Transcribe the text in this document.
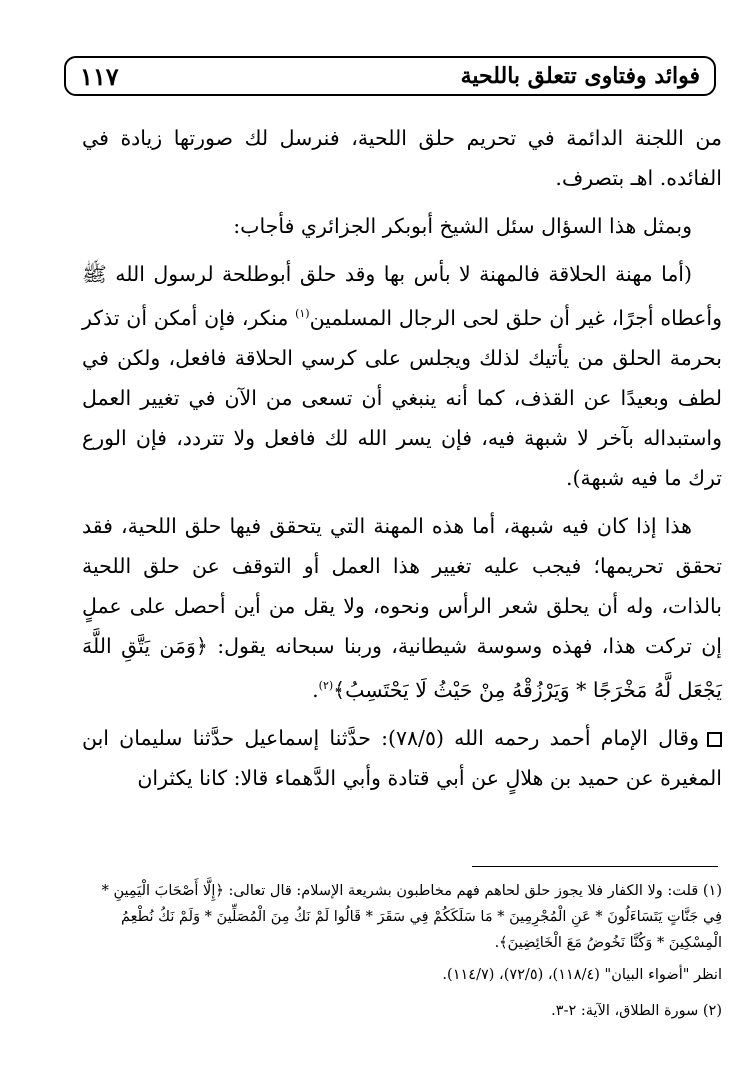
فوائد وفتاوى تتعلق باللحية
١١٧

من اللجنة الدائمة في تحريم حلق اللحية، فنرسل لك صورتها زيادة في الفائده. اهـ بتصرف.

وبمثل هذا السؤال سئل الشيخ أبوبكر الجزائري فأجاب:

(أما مهنة الحلاقة فالمهنة لا بأس بها وقد حلق أبوطلحة لرسول الله ﷺ وأعطاه أجرًا، غير أن حلق لحى الرجال المسلمين$^{(١)}$ منكر، فإن أمكن أن تذكر بحرمة الحلق من يأتيك لذلك ويجلس على كرسي الحلاقة فافعل، ولكن في لطف وبعيدًا عن القذف، كما أنه ينبغي أن تسعى من الآن في تغيير العمل واستبداله بآخر لا شبهة فيه، فإن يسر الله لك فافعل ولا تتردد، فإن الورع ترك ما فيه شبهة).

هذا إذا كان فيه شبهة، أما هذه المهنة التي يتحقق فيها حلق اللحية، فقد تحقق تحريمها؛ فيجب عليه تغيير هذا العمل أو التوقف عن حلق اللحية بالذات، وله أن يحلق شعر الرأس ونحوه، ولا يقل من أين أحصل على عملٍ إن تركت هذا، فهذه وسوسة شيطانية، وربنا سبحانه يقول: ﴿وَمَن يَتَّقِ اللَّهَ يَجْعَل لَّهُ مَخْرَجًا * وَيَرْزُقْهُ مِنْ حَيْثُ لَا يَحْتَسِبُ﴾$^{(٢)}$.

وقال الإمام أحمد رحمه الله (٧٨/٥): حدَّثنا إسماعيل حدَّثنا سليمان ابن المغيرة عن حميد بن هلالٍ عن أبي قتادة وأبي الدَّهماء قالا: كانا يكثران

(١) قلت: ولا الكفار فلا يجوز حلق لحاهم فهم مخاطبون بشريعة الإسلام: قال تعالى: ﴿إِلَّا أَصْحَابَ الْيَمِينِ * فِي جَنَّاتٍ يَتَسَاءَلُونَ * عَنِ الْمُجْرِمِينَ * مَا سَلَكَكُمْ فِي سَقَرَ * قَالُوا لَمْ نَكُ مِنَ الْمُصَلِّينَ * وَلَمْ نَكُ نُطْعِمُ الْمِسْكِينَ * وَكُنَّا نَخُوضُ مَعَ الْخَائِضِينَ﴾.

انظر "أضواء البيان" (١١٨/٤)، (٧٢/٥)، (١١٤/٧).

(٢) سورة الطلاق، الآية: ٢-٣.
